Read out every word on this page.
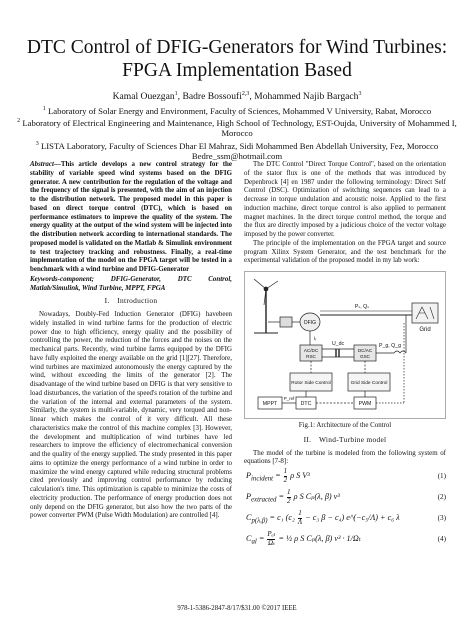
DTC Control of DFIG-Generators for Wind Turbines: FPGA Implementation Based
Kamal Ouezgan$^1$, Badre Bossoufi$^{2,3}$, Mohammed Najib Bargach$^3$
$^1$ Laboratory of Solar Energy and Environment, Faculty of Sciences, Mohammed V University, Rabat, Morocco
$^2$ Laboratory of Electrical Engineering and Maintenance, High School of Technology, EST-Oujda, University of Mohammed I, Morocco
$^3$ LISTA Laboratory, Faculty of Sciences Dhar El Mahraz, Sidi Mohammed Ben Abdellah University, Fez, Morocco
Bedre_ssm@hotmail.com
Abstract—This article develops a new control strategy for the stability of variable speed wind systems based on the DFIG generator. A new contribution for the regulation of the voltage and the frequency of the signal is presented, with the aim of an injection to the distribution network. The proposed model in this paper is based on direct torque control (DTC), which is based on performance estimators to improve the quality of the system. The energy quality at the output of the wind system will be injected into the distribution network according to international standards. The proposed model is validated on the Matlab & Simulink environment to test trajectory tracking and robustness. Finally, a real-time implementation of the model on the FPGA target will be tested in a benchmark with a wind turbine and DFIG-Generator
Keywords-component; DFIG-Generator, DTC Control, Matlab/Simulink, Wind Turbine, MPPT, FPGA
I. Introduction

Nowadays, Doubly-Fed Induction Generator (DFIG) havebeen widely installed in wind turbine farms for the production of electric power due to high efficiency, energy quality and the possibility of controlling the power, the reduction of the forces and the noises on the mechanical parts. Recently, wind turbine farms equipped by the DFIG have fully exploited the energy available on the grid [1][27]. Therefore, wind turbines are maximized autonomously the energy captured by the wind, without exceeding the limits of the generator [2]. The disadvantage of the wind turbine based on DFIG is that very sensitive to load disturbances, the variation of the speed's rotation of the turbine and the variation of the internal and external parameters of the system. Similarly, the system is multi-variable, dynamic, very torqued and non-linear which makes the control of it very difficult. All these characteristics make the control of this machine complex [3]. However, the development and multiplication of wind turbines have led researchers to improve the efficiency of electromechanical conversion and the quality of the energy supplied. The study presented in this paper aims to optimize the energy performance of a wind turbine in order to maximize the wind energy captured while reducing structural problems cited previously and improving control performance by reducing calculation's time. This optimization is capable to minimize the costs of electricity production. The performance of energy production does not only depend on the DFIG generator, but also how the two parts of the power converter PWM (Pulse Width Modulation) are controlled [4].

The DTC Control "Direct Torque Control", based on the orientation of the stator flux is one of the methods that was introduced by Depenbrock [4] en 1987 under the following terminology: Direct Self Control (DSC). Optimization of switching sequences can lead to a decrease in torque undulation and acoustic noise. Applied to the first induction machine, direct torque control is also applied to permanent magnet machines. In the direct torque control method, the torque and the flux are directly imposed by a judicious choice of the vector voltage imposed by the power converter.

The principle of the implementation on the FPGA target and source program Xilinx System Generator, and the test benchmark for the experimental validation of the proposed model in my lab work:

DFIG
Pₛ, Qₛ
Grid
iᵣ
AC/DC
RSC
U_dc
DC/AC
GSC
P_g, Q_g
Rotor Side Control	Grid Side Control
MPPT	DTC	PWM
P_ref
Fig.1: Architecture of the Control
II. Wind-Turbine model

The model of the turbine is modeled from the following system of equations [7-8]:

$P_{incident} = \frac{1}{2}$ ρ S V³	(1)
$P_{extracted} = \frac{1}{2}$ ρ S Cₚ(λ, β) v³	(2)
$C_{p(\lambda,\beta)} = c_1$ ($c_2 \frac{1}{\Lambda} - c_3$ β − c₄) e^(−c₅/Λ) + c₆ λ	(3)
$C_{al} = \frac{\text{Pₐₗ}}{\text{Ωₜ}}$ = ½ ρ S Cₚ(λ, β) v³ · 1/Ωₜ	(4)
978-1-5386-2847-8/17/$31.00 ©2017 IEEE
